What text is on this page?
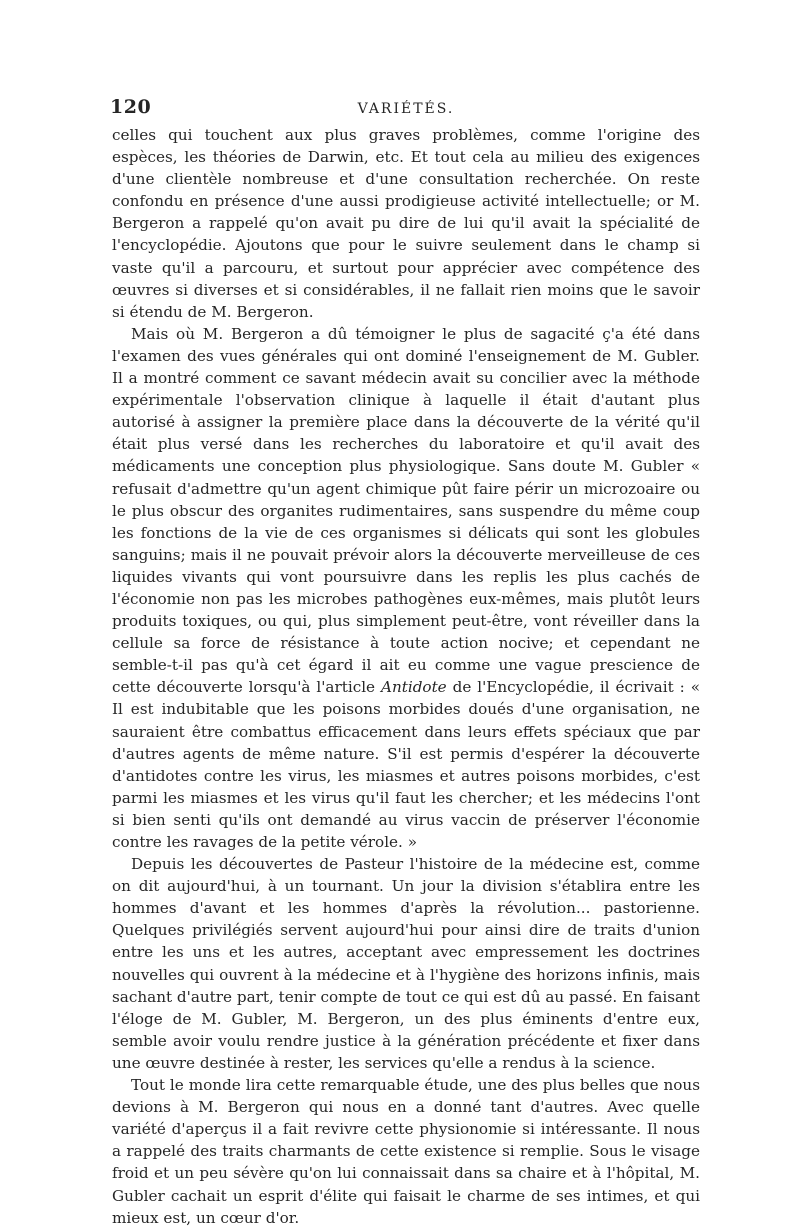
120	VARIÉTÉS.

celles qui touchent aux plus graves problèmes, comme l'origine des espèces, les théories de Darwin, etc. Et tout cela au milieu des exigences d'une clientèle nombreuse et d'une consultation recherchée. On reste confondu en présence d'une aussi prodigieuse activité intellectuelle; or M. Bergeron a rappelé qu'on avait pu dire de lui qu'il avait la spécialité de l'encyclopédie. Ajoutons que pour le suivre seulement dans le champ si vaste qu'il a parcouru, et surtout pour apprécier avec compétence des œuvres si diverses et si considérables, il ne fallait rien moins que le savoir si étendu de M. Bergeron.

Mais où M. Bergeron a dû témoigner le plus de sagacité ç'a été dans l'examen des vues générales qui ont dominé l'enseignement de M. Gubler. Il a montré comment ce savant médecin avait su concilier avec la méthode expérimentale l'observation clinique à laquelle il était d'autant plus autorisé à assigner la première place dans la découverte de la vérité qu'il était plus versé dans les recherches du laboratoire et qu'il avait des médicaments une conception plus physiologique. Sans doute M. Gubler « refusait d'admettre qu'un agent chimique pût faire périr un microzoaire ou le plus obscur des organites rudimentaires, sans suspendre du même coup les fonctions de la vie de ces organismes si délicats qui sont les globules sanguins; mais il ne pouvait prévoir alors la découverte merveilleuse de ces liquides vivants qui vont poursuivre dans les replis les plus cachés de l'économie non pas les microbes pathogènes eux-mêmes, mais plutôt leurs produits toxiques, ou qui, plus simplement peut-être, vont réveiller dans la cellule sa force de résistance à toute action nocive; et cependant ne semble-t-il pas qu'à cet égard il ait eu comme une vague prescience de cette découverte lorsqu'à l'article Antidote de l'Encyclopédie, il écrivait : « Il est indubitable que les poisons morbides doués d'une organisation, ne sauraient être combattus efficacement dans leurs effets spéciaux que par d'autres agents de même nature. S'il est permis d'espérer la découverte d'antidotes contre les virus, les miasmes et autres poisons morbides, c'est parmi les miasmes et les virus qu'il faut les chercher; et les médecins l'ont si bien senti qu'ils ont demandé au virus vaccin de préserver l'économie contre les ravages de la petite vérole. »

Depuis les découvertes de Pasteur l'histoire de la médecine est, comme on dit aujourd'hui, à un tournant. Un jour la division s'établira entre les hommes d'avant et les hommes d'après la révolution... pastorienne. Quelques privilégiés servent aujourd'hui pour ainsi dire de traits d'union entre les uns et les autres, acceptant avec empressement les doctrines nouvelles qui ouvrent à la médecine et à l'hygiène des horizons infinis, mais sachant d'autre part, tenir compte de tout ce qui est dû au passé. En faisant l'éloge de M. Gubler, M. Bergeron, un des plus éminents d'entre eux, semble avoir voulu rendre justice à la génération précédente et fixer dans une œuvre destinée à rester, les services qu'elle a rendus à la science.

Tout le monde lira cette remarquable étude, une des plus belles que nous devions à M. Bergeron qui nous en a donné tant d'autres. Avec quelle variété d'aperçus il a fait revivre cette physionomie si intéressante. Il nous a rappelé des traits charmants de cette existence si remplie. Sous le visage froid et un peu sévère qu'on lui connaissait dans sa chaire et à l'hôpital, M. Gubler cachait un esprit d'élite qui faisait le charme de ses intimes, et qui mieux est, un cœur d'or.
